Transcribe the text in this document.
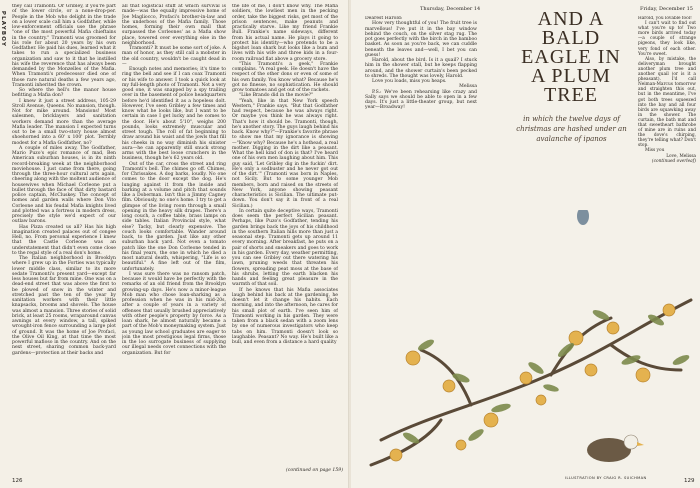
PLAYBOY

they call Tramonti. Or Gribley, if you're part of the lower circle, or a none-drop-per. People in the Mob who delight in the trade on a lower scale call him a Godfather, while low-enforcement officials use the phrase "one of the most powerful Mafia chieftains in the country." Tramonti was groomed for his role for about 20 years by his own Godfather. He paid his dues, learned what it takes to run a specialized business organization and saw to it that he instilled his wife the reverence that has always been demanded by the Monzelles of the Mafia. When Tramonti's predecessor died one of those rare natural deaths a few years ago, Tramonti inherited the crown.

So where the hell's the manor house befitting a Mafia don?

I knew it just a street address, 105-29 Stroll Avenue, Queens. No mansion, though. Not for mike around. Mansions! Most salesmen, bricklayers and sanitation workers demand more than the average Mafia leader. The mansion I expected turns out to be a small two-story house almost shoehorned into a 60' x 100' plot. Terribly modest for a Mafia Godfather, no?

A couple of miles away, The Godfather, Mario Puzo's epic romance of mad, Ben American suburban houses, is in its ninth record-breaking week at the neighborhood moviehouse. I just came from there, going through the three-hour cultural arts again, cheering along with the moltent audience of housewives when Michael Corleone put a bullet through the face of that dirty bastard police captain, McCluskey. The concept of homes and garden walls where Don Vito Corleone and his feudal Mafia knights lived and plotted was a fortress in modern dress, precisely the style we'd expect of our outlaw barons.

Has Pizza created us all? Has his high imagination created palaces out of congee Hell, no. From personal experience I knew that the Castle Corleone was an understatement that didn't even come close to the regal style of a real don's home.

The Italian neighborhood in Brooklyn where I grew up in the Forties was typically lower middle class, similar to its more sedate Tramonti's present yard—except far less houses but far from mine. One was on a dead-end street that was above the first to be plowed of snow in the winter and stretched past the ten of the year by sanitation workers with their little knapsacks, brooms and shovels. The house was almost a mansion. Three stories of solid brick, at least 25 rooms, wraparound canvas awnings at every window, a tall, spiked wrought-iron fence surrounding a large plot of ground. It was the home of Joe Profaci, the Olive Oil King, at that time the most powerful mafioso in the country. And on the next street, sharing common back-yard gardens—protection at their backs and

all that logistical stuff at which survival is made—was the equally impressive home of Joe Magliocco, Profaci's brother-in-law and the underboss of the Mafia family. Those homes, forming their own mall that surpassed the Corleones' as a Mafia show place, towered over everything else in the neighborhood.

Tramonti? It must be some sort of joke. A man of honor, as they still call a mobster in the old country, wouldn't be caught dead in—

Enough notes and memories; it's time to ring the bell and see if I can coax Tramonti or his wife to answer. I took a quick look at my full-length photo of Tramonti. Not a very good one, it was snapped by a spy trailing over in the basement of police headquarters before he'd identified it as a hopeless dolt. However, I've seen Gribley a few times and know what he looks like, but I want to be certain in case I get lucky and he comes to the door. He's about 5'10", weighs 200 pounds, looks extremely muscular and street tough. The roll of fat beginning to draw around his waist and the jowls that fill his cheeks in no way diminish his sinister aura—he can apparently still snuck strong arms with the best loose crunchers in the business, though he's 62 years old.

Out of the car, cross the street and ring Tramonti's bell. The chimes go off. Chimes, for Chrissakes. A dog barks, loudly. No one comes to the door except the dog. He's lunging against it from the inside and barking at a volume and pitch that sounds like a Doberman. Isn't this a Jimmy Cagney film. Obviously, no one's home. I try to get a glimpse of the living room through a small opening in the heavy silk drapes. There's a long couch, a coffee table, brass lamps on side tables. Italian Provincial style, what else? Tacky, but clearly expensive. The couch looks comfortable. Wander around back, to the garden. Just like any other suburban back yard. Not even a tomato patch like the one Don Corleone tended in his final years, the one in which he died a most natural death, whispering, "Life is so beautiful." A fine left out of the film, unfortunately.

I was sure there was no ransom patch, because it would have be perfectly with the remarks of an old friend from the Brooklyn growing-up days. He's now a minor-league Mob man who chose loan-sharking as a profession when he was in his mid-20s, after a couple of years in a variety of offenses that usually brushed appreciatively with other people's property by force. As a loan shark, he almost naturally became a part of the Mob's moneymaking system. Just as young law school graduates are eager to join the most prestigious legal firms, those in the loo surrogate business of supplying our illegal needs covet connections with the organization. But for

the life of me, I don't know why. The Mafia soldiers, the lowliest men in the pecking order, take the biggest risks, get most of the prison sentences, make peanuts and practically starve. Like my friend Frankie Bull. Frankie's name sideways, different from his actual name. He plays it going to protect his identity—who pretends to be a bigshot loan shark but looks like a bum and lives with his wife and three kids in a four-room railroad flat above a grocery store.

"This Tramonti's a geek," Frankie complains. "A real geek. He doesn't have the respect of the other dons or even of some of his own family. You know what? Because he's got no finesse, no sophistication. He should grow tomatoes and get out of the rackets.

"Like Brando did in the movie?"

"Yeah, like in that New York speech Western," Frankie says. "But that Godfather had respect, because he was always right. Or maybe you think he was always right. That's how it should be. Tramonti, though, he's another story. The guys laugh behind his back. Know why?"—Frankie's favorite phrase to show me that my ignorance is showing—"Know why? Because he's a hothead, a real mother. Digging in the dirt like a peasant. What the hell kind of don is that? I've heard one of his own men laughing about him. This guy said, 'Let Gribley dig in the fuckin' dirt. He's only a sodbuster and he never got out of the dirt.'" (Tramonti was born in Naples, not Sicily. But to some younger Mob members, born and raised on the streets of New York, anyone showing peasant characteristics is Sicilian. The ultimate put-down. You don't say it in front of a real Sicilian.)

In certain quite deceptive ways, Tramonti does seem the perfect Sicilian peasant. Perhaps, like Puzo's Godfather, tending his garden brings back the joys of his childhood in the southern Italian hills more than just a seasonal step. Tramonti gets up around 11 every morning. After breakfast, he puts on a pair of shorts and sneakers and goes to work in his garden. Every day, weather permitting, you can see Gribley out there watering his lawn, pruning weeds that threaten his flowers, spreading peat moss at the base of his shrubs, letting the earth blacken his hands and feeling great pleasure in the warmth of that soil.

If he knows that his Mafia associates laugh behind his back at the gardening, he doesn't let it change his habits. Each morning, and into the afternoon, he cares for his small plot of earth. I've seen him of Tramonti working in his garden. They were taken from a black sedan with a zoom lens by one of numerous investigators who keep tabs on him. Tramonti doesn't look so laughable. Peasant? No way. He's built like a bull, and even from a distance a hard quality

(continued on page 159)
126
Thursday, December 14

Dearest Harold:

How very thoughtful of you! The fruit tree is marvellous! I've put it in the bay window behind the couch, on the silver stag rug. The pot goes perfectly with the birch in the bamboo basket. As soon as you're back, we can cuddle beneath the leaves and—well, I bet you can guess!

Harold, about the bird. Is it a quail? I stuck him in the shower stall, but he keeps flapping around, and the shower curtain's been pecked to shreds. The thought was lovely, Harold.

Love you loads, miss you heaps.

Melissa

P.S.: We've been rehearsing like crazy and Sally says we should be able to open in a few days. It's just a little-theater group, but next year—Broadway!

AND A BALD EAGLE IN A PLUM TREE
in which the twelve days of christmas are hashed under an avalanche of ipanos
Friday, December 15

Harold, you lovable fool!

I can't wait to find out what you're up to! Two more birds arrived today—a couple of strange pigeons, they look like, very fond of each other. You're sweet.

Also, by mistake, the deliveryman brought another plum tree and another quail (or is it a pheasant). I'd call Neiman-Marcus tomorrow and straighten this out, but in the meantime, I've got both trees squeezed into the bay and all four birds are squawking away in the shower. The curtain, the bath mat and that sweetheart bathrobe of mine are in ruins and the dove's chirping, they're telling what? Don't stop.

Miss you

Love, Melissa

(continued overleaf)

ILLUSTRATION BY CRAIG R. SUICHMAN	129
